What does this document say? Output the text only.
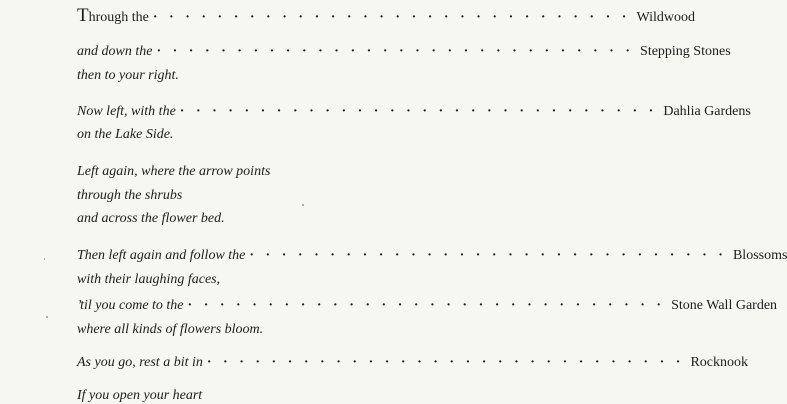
T hrough the · · · · · · · · · · · · · · · · · · · · · · · · · · · · · · Wildwood
and down the · · · · · · · · · · · · · · · · · · · · · · · · · · · · · · Stepping Stones
then to your right.
Now left, with the · · · · · · · · · · · · · · · · · · · · · · · · · · · · · · Dahlia Gardens
on the Lake Side.
Left again, where the arrow points
through the shrubs
and across the flower bed.
Then left again and follow the · · · · · · · · · · · · · · · · · · · · · · · · · · · · · · Blossoms
with their laughing faces,
’til you come to the · · · · · · · · · · · · · · · · · · · · · · · · · · · · · · Stone Wall Garden
where all kinds of flowers bloom.
As you go, rest a bit in · · · · · · · · · · · · · · · · · · · · · · · · · · · · · · Rocknook
If you open your heart
